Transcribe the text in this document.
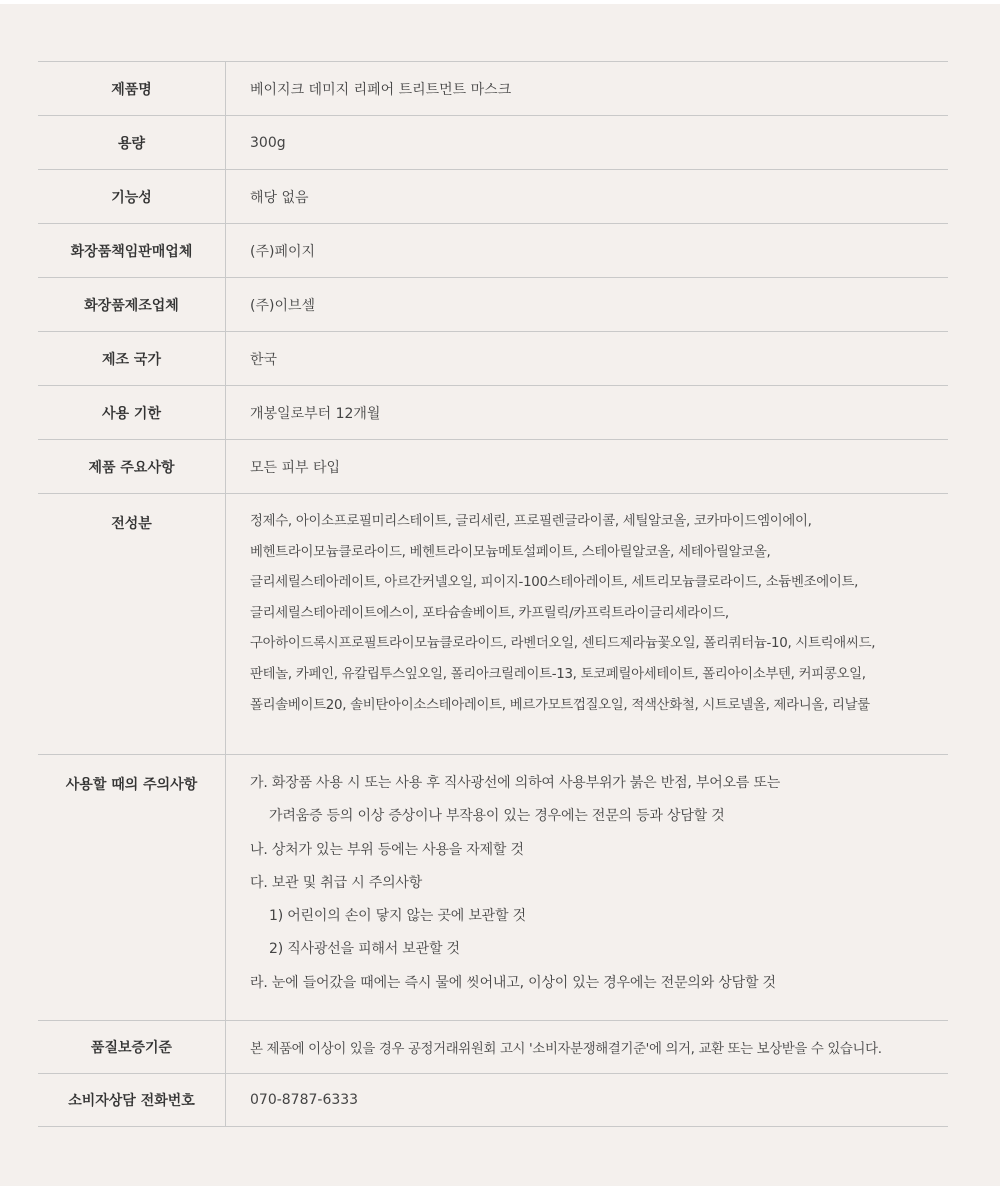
제품명	베이지크 데미지 리페어 트리트먼트 마스크
용량	300g
기능성	해당 없음
화장품책임판매업체	(주)페이지
화장품제조업체	(주)이브셀
제조 국가	한국
사용 기한	개봉일로부터 12개월
제품 주요사항	모든 피부 타입
전성분	정제수, 아이소프로필미리스테이트, 글리세린, 프로필렌글라이콜, 세틸알코올, 코카마이드엠이에이,
베헨트라이모늄클로라이드, 베헨트라이모늄메토설페이트, 스테아릴알코올, 세테아릴알코올,
글리세릴스테아레이트, 아르간커넬오일, 피이지-100스테아레이트, 세트리모늄클로라이드, 소듐벤조에이트,
글리세릴스테아레이트에스이, 포타슘솔베이트, 카프릴릭/카프릭트라이글리세라이드,
구아하이드록시프로필트라이모늄클로라이드, 라벤더오일, 센티드제라늄꽃오일, 폴리쿼터늄-10, 시트릭애씨드,
판테놀, 카페인, 유칼립투스잎오일, 폴리아크릴레이트-13, 토코페릴아세테이트, 폴리아이소부텐, 커피콩오일,
폴리솔베이트20, 솔비탄아이소스테아레이트, 베르가모트껍질오일, 적색산화철, 시트로넬올, 제라니올, 리날룰
사용할 때의 주의사항	가. 화장품 사용 시 또는 사용 후 직사광선에 의하여 사용부위가 붉은 반점, 부어오름 또는
가려움증 등의 이상 증상이나 부작용이 있는 경우에는 전문의 등과 상담할 것
나. 상처가 있는 부위 등에는 사용을 자제할 것
다. 보관 및 취급 시 주의사항
1) 어린이의 손이 닿지 않는 곳에 보관할 것
2) 직사광선을 피해서 보관할 것
라. 눈에 들어갔을 때에는 즉시 물에 씻어내고, 이상이 있는 경우에는 전문의와 상담할 것
품질보증기준	본 제품에 이상이 있을 경우 공정거래위원회 고시 '소비자분쟁해결기준'에 의거, 교환 또는 보상받을 수 있습니다.
소비자상담 전화번호	070-8787-6333
